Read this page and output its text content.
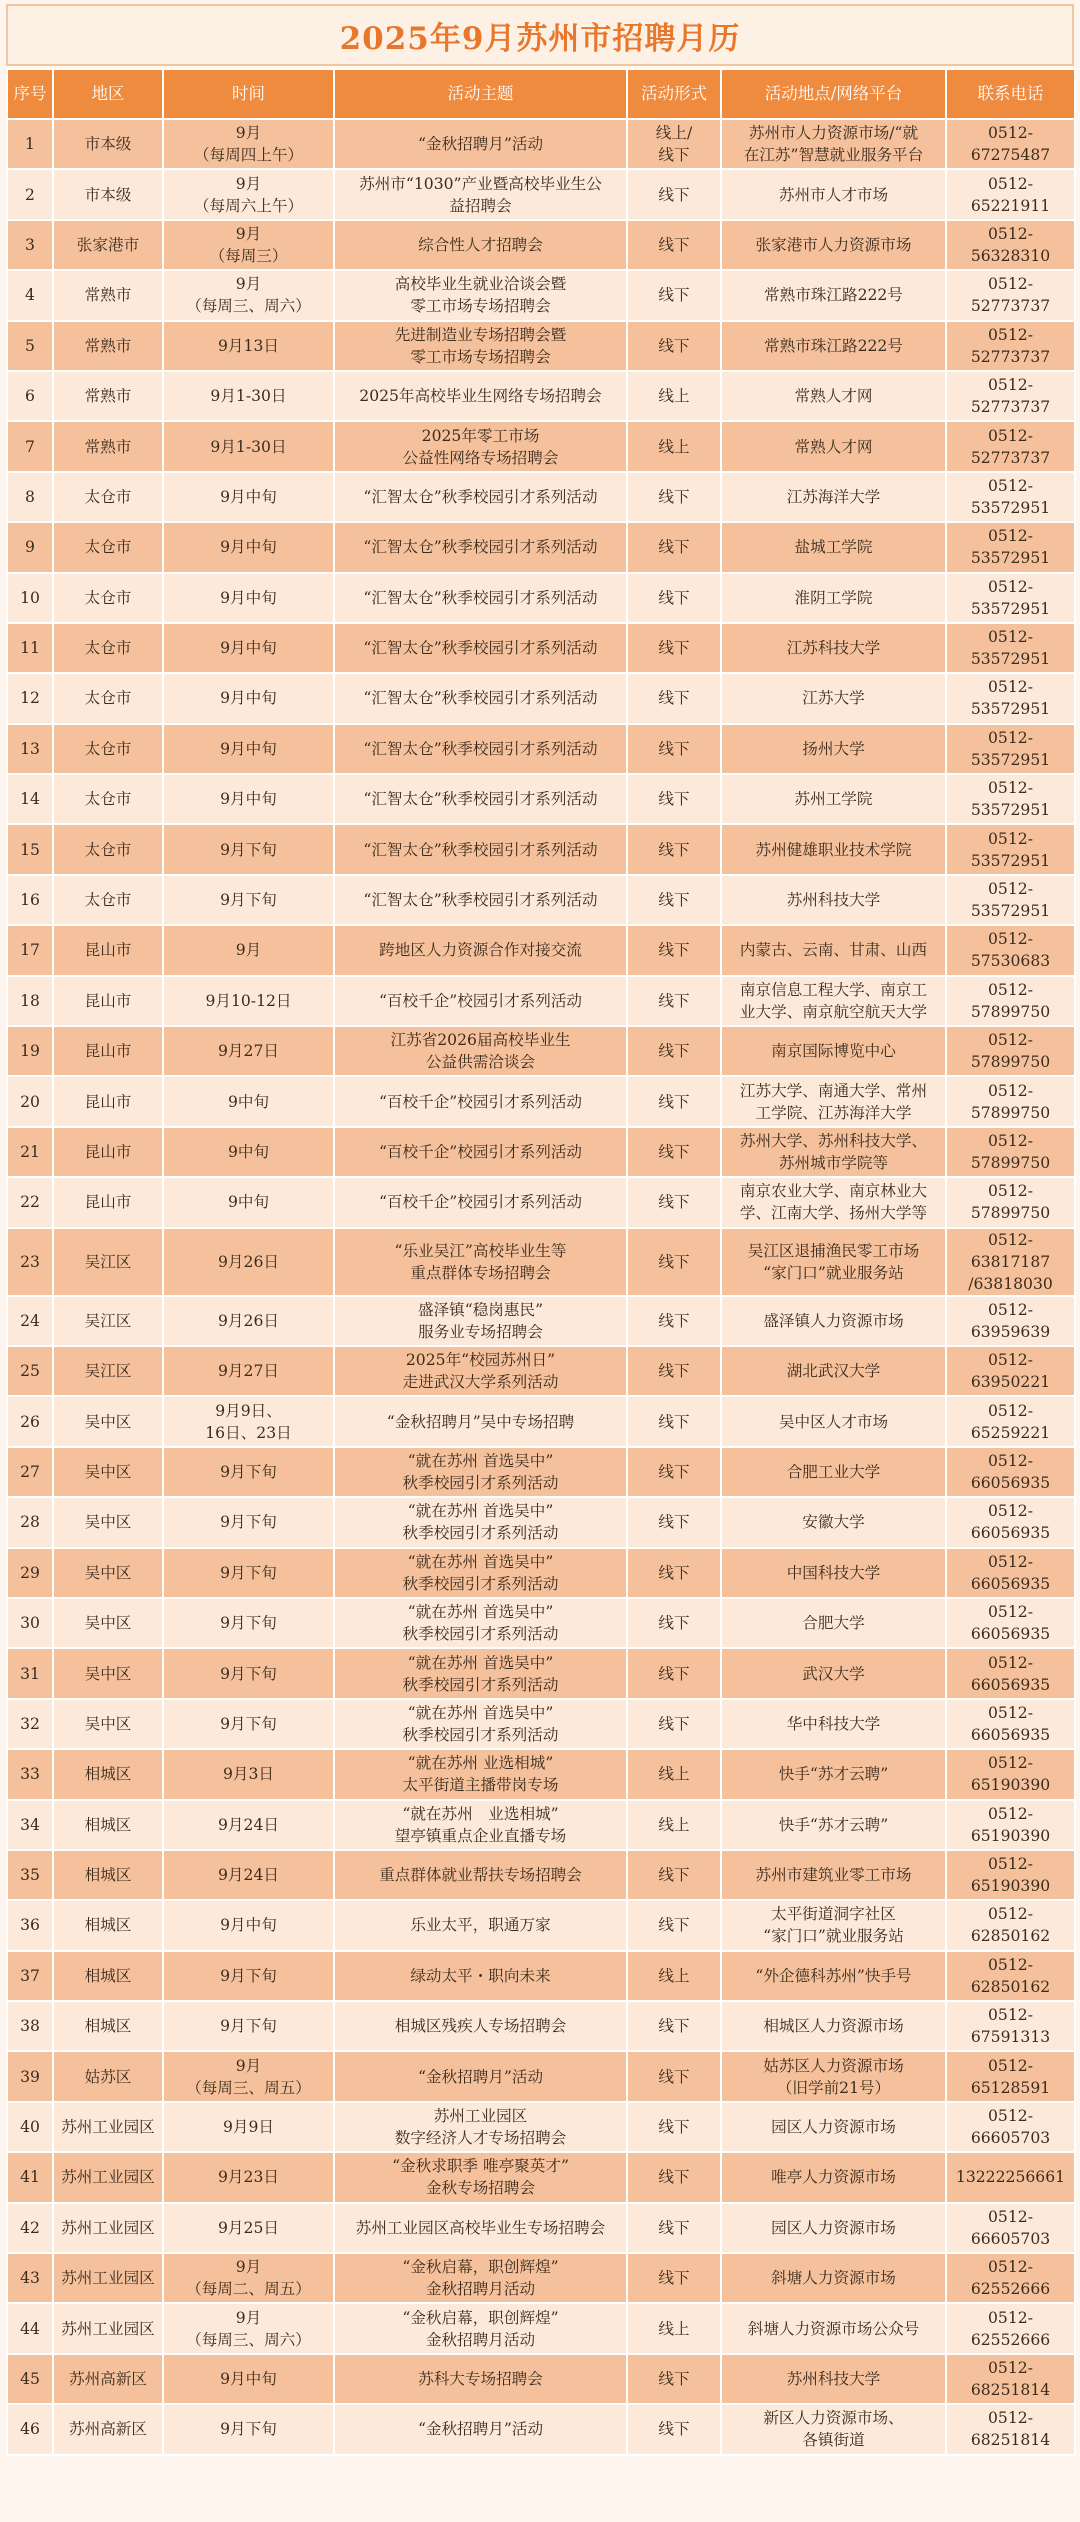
2025年9月苏州市招聘月历
序号	地区	时间	活动主题	活动形式	活动地点/网络平台	联系电话

1	市本级	9月
（每周四上午）	“金秋招聘月”活动	线上/
线下	苏州市人力资源市场/“就
在江苏”智慧就业服务平台	0512-67275487

2	市本级	9月
（每周六上午）	苏州市“1030”产业暨高校毕业生公
益招聘会	线下	苏州市人才市场	0512-65221911

3	张家港市	9月
（每周三）	综合性人才招聘会	线下	张家港市人力资源市场	0512-56328310

4	常熟市	9月
（每周三、周六）	高校毕业生就业洽谈会暨
零工市场专场招聘会	线下	常熟市珠江路222号	0512-52773737

5	常熟市	9月13日	先进制造业专场招聘会暨
零工市场专场招聘会	线下	常熟市珠江路222号	0512-52773737

6	常熟市	9月1-30日	2025年高校毕业生网络专场招聘会	线上	常熟人才网	0512-52773737

7	常熟市	9月1-30日	2025年零工市场
公益性网络专场招聘会	线上	常熟人才网	0512-52773737

8	太仓市	9月中旬	“汇智太仓”秋季校园引才系列活动	线下	江苏海洋大学	0512-53572951

9	太仓市	9月中旬	“汇智太仓”秋季校园引才系列活动	线下	盐城工学院	0512-53572951

10	太仓市	9月中旬	“汇智太仓”秋季校园引才系列活动	线下	淮阴工学院	0512-53572951

11	太仓市	9月中旬	“汇智太仓”秋季校园引才系列活动	线下	江苏科技大学	0512-53572951

12	太仓市	9月中旬	“汇智太仓”秋季校园引才系列活动	线下	江苏大学	0512-53572951

13	太仓市	9月中旬	“汇智太仓”秋季校园引才系列活动	线下	扬州大学	0512-53572951

14	太仓市	9月中旬	“汇智太仓”秋季校园引才系列活动	线下	苏州工学院	0512-53572951

15	太仓市	9月下旬	“汇智太仓”秋季校园引才系列活动	线下	苏州健雄职业技术学院	0512-53572951

16	太仓市	9月下旬	“汇智太仓”秋季校园引才系列活动	线下	苏州科技大学	0512-53572951

17	昆山市	9月	跨地区人力资源合作对接交流	线下	内蒙古、云南、甘肃、山西	0512-57530683

18	昆山市	9月10-12日	“百校千企”校园引才系列活动	线下	南京信息工程大学、南京工
业大学、南京航空航天大学	0512-57899750

19	昆山市	9月27日	江苏省2026届高校毕业生
公益供需洽谈会	线下	南京国际博览中心	0512-57899750

20	昆山市	9中旬	“百校千企”校园引才系列活动	线下	江苏大学、南通大学、常州
工学院、江苏海洋大学	0512-57899750

21	昆山市	9中旬	“百校千企”校园引才系列活动	线下	苏州大学、苏州科技大学、
苏州城市学院等	0512-57899750

22	昆山市	9中旬	“百校千企”校园引才系列活动	线下	南京农业大学、南京林业大
学、江南大学、扬州大学等	0512-57899750

23	吴江区	9月26日	“乐业吴江”高校毕业生等
重点群体专场招聘会	线下	吴江区退捕渔民零工市场
“家门口”就业服务站	0512-63817187
/63818030

24	吴江区	9月26日	盛泽镇“稳岗惠民”
服务业专场招聘会	线下	盛泽镇人力资源市场	0512-63959639

25	吴江区	9月27日	2025年“校园苏州日”
走进武汉大学系列活动	线下	湖北武汉大学	0512-63950221

26	吴中区	9月9日、
16日、23日	“金秋招聘月”吴中专场招聘	线下	吴中区人才市场	0512-65259221

27	吴中区	9月下旬	“就在苏州 首选吴中”
秋季校园引才系列活动	线下	合肥工业大学	0512-66056935

28	吴中区	9月下旬	“就在苏州 首选吴中”
秋季校园引才系列活动	线下	安徽大学	0512-66056935

29	吴中区	9月下旬	“就在苏州 首选吴中”
秋季校园引才系列活动	线下	中国科技大学	0512-66056935

30	吴中区	9月下旬	“就在苏州 首选吴中”
秋季校园引才系列活动	线下	合肥大学	0512-66056935

31	吴中区	9月下旬	“就在苏州 首选吴中”
秋季校园引才系列活动	线下	武汉大学	0512-66056935

32	吴中区	9月下旬	“就在苏州 首选吴中”
秋季校园引才系列活动	线下	华中科技大学	0512-66056935

33	相城区	9月3日	“就在苏州 业选相城”
太平街道主播带岗专场	线上	快手“苏才云聘”	0512-65190390

34	相城区	9月24日	“就在苏州　业选相城”
望亭镇重点企业直播专场	线上	快手“苏才云聘”	0512-65190390

35	相城区	9月24日	重点群体就业帮扶专场招聘会	线下	苏州市建筑业零工市场	0512-65190390

36	相城区	9月中旬	乐业太平，职通万家	线下	太平街道洞字社区
“家门口”就业服务站	0512-62850162

37	相城区	9月下旬	绿动太平・职向未来	线上	“外企德科苏州”快手号	0512-62850162

38	相城区	9月下旬	相城区残疾人专场招聘会	线下	相城区人力资源市场	0512-67591313

39	姑苏区	9月
（每周三、周五）	“金秋招聘月”活动	线下	姑苏区人力资源市场
（旧学前21号）	0512-65128591

40	苏州工业园区	9月9日	苏州工业园区
数字经济人才专场招聘会	线下	园区人力资源市场	0512-66605703

41	苏州工业园区	9月23日	“金秋求职季 唯亭聚英才”
金秋专场招聘会	线下	唯亭人力资源市场	13222256661

42	苏州工业园区	9月25日	苏州工业园区高校毕业生专场招聘会	线下	园区人力资源市场	0512-66605703

43	苏州工业园区	9月
（每周二、周五）	“金秋启幕，职创辉煌”
金秋招聘月活动	线下	斜塘人力资源市场	0512-62552666

44	苏州工业园区	9月
（每周三、周六）	“金秋启幕，职创辉煌”
金秋招聘月活动	线上	斜塘人力资源市场公众号	0512-62552666

45	苏州高新区	9月中旬	苏科大专场招聘会	线下	苏州科技大学	0512-68251814

46	苏州高新区	9月下旬	“金秋招聘月”活动	线下	新区人力资源市场、
各镇街道	0512-68251814
